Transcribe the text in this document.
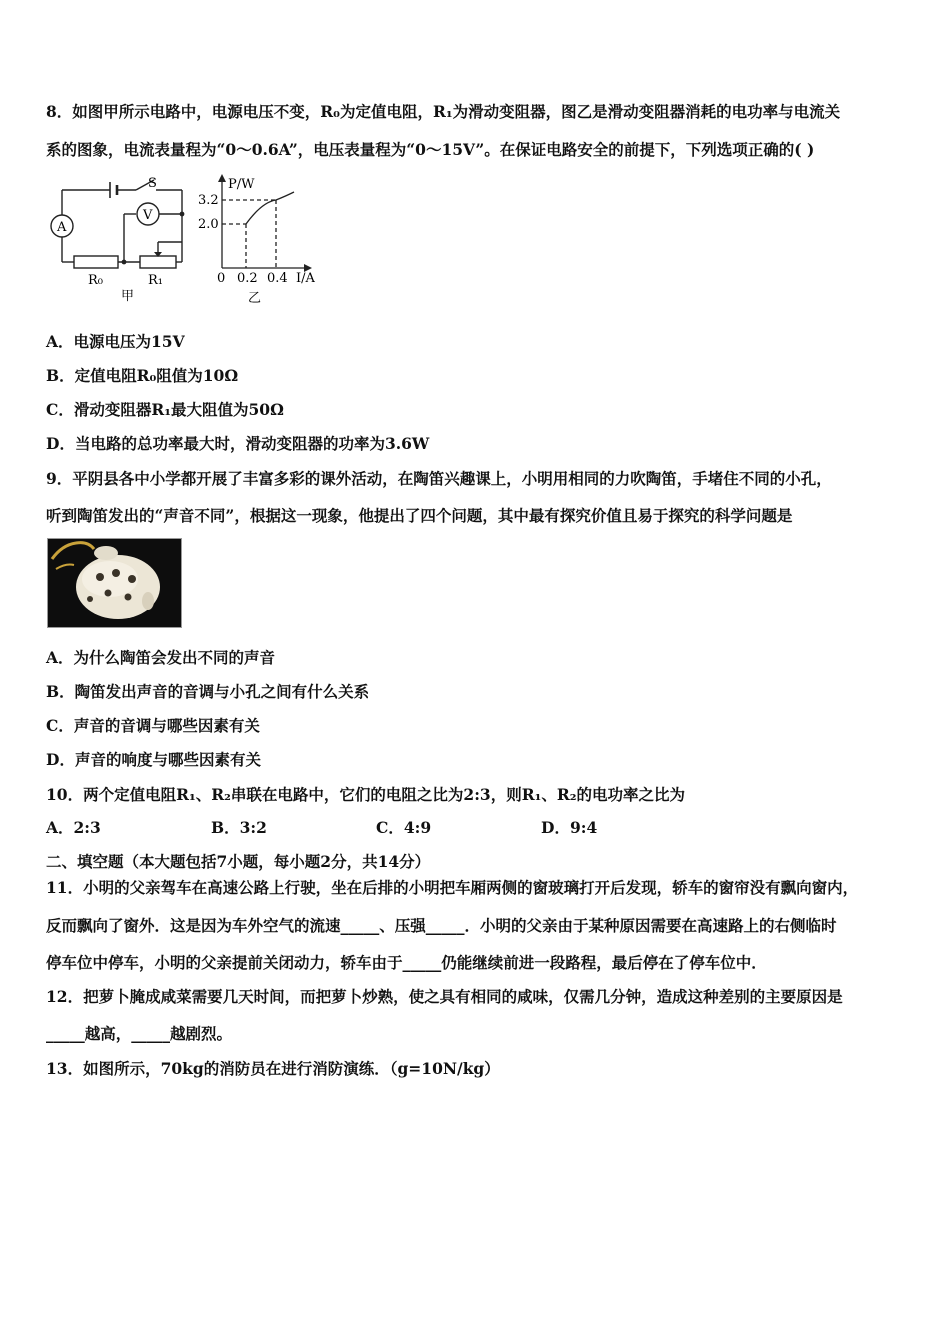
8．如图甲所示电路中，电源电压不变，R₀为定值电阻，R₁为滑动变阻器，图乙是滑动变阻器消耗的电功率与电流关
系的图象，电流表量程为“0～0.6A”，电压表量程为“0～15V”。在保证电路安全的前提下，下列选项正确的( )
S
A
V
R₀	R₁
甲
P/W
I/A
3.2
2.0
0 0.2 0.4
乙
A．电源电压为15V
B．定值电阻R₀阻值为10Ω
C．滑动变阻器R₁最大阻值为50Ω
D．当电路的总功率最大时，滑动变阻器的功率为3.6W
9．平阴县各中小学都开展了丰富多彩的课外活动，在陶笛兴趣课上，小明用相同的力吹陶笛，手堵住不同的小孔，
听到陶笛发出的“声音不同”，根据这一现象，他提出了四个问题，其中最有探究价值且易于探究的科学问题是
A．为什么陶笛会发出不同的声音
B．陶笛发出声音的音调与小孔之间有什么关系
C．声音的音调与哪些因素有关
D．声音的响度与哪些因素有关
10．两个定值电阻R₁、R₂串联在电路中，它们的电阻之比为2:3，则R₁、R₂的电功率之比为
A．2:3	B．3:2	C．4:9	D．9:4
二、填空题（本大题包括7小题，每小题2分，共14分）
11．小明的父亲驾车在高速公路上行驶，坐在后排的小明把车厢两侧的窗玻璃打开后发现，轿车的窗帘没有飘向窗内，
反而飘向了窗外．这是因为车外空气的流速_____、压强_____．小明的父亲由于某种原因需要在高速路上的右侧临时
停车位中停车，小明的父亲提前关闭动力，轿车由于_____仍能继续前进一段路程，最后停在了停车位中．
12．把萝卜腌成咸菜需要几天时间，而把萝卜炒熟，使之具有相同的咸味，仅需几分钟，造成这种差别的主要原因是
_____越高，_____越剧烈。
13．如图所示，70kg的消防员在进行消防演练．（g=10N/kg）
